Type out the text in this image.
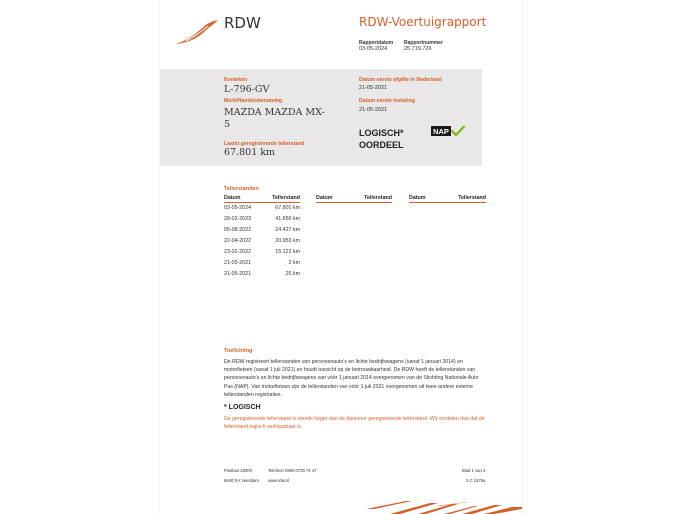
RDW	RDW-Voertuigrapport
Rapportdatum
03-05-2024
Rapportnummer
25.719.726
Kenteken
L-796-GV
Merk/Handelsbenaming
MAZDA MAZDA MX-
5
Laatst geregistreerde tellerstand
67.801 km
Datum eerste afgifte in Nederland
21-05-2021
Datum eerste toelating
21-05-2021
LOGISCH*
OORDEEL
NAP
Tellerstanden
Datum	Tellerstand	Datum	Tellerstand	Datum	Tellerstand
03-05-2024	67.801 km
28-02-2023	41.656 km
05-08-2022	24.427 km
22-04-2022	20.953 km
23-02-2022	15.122 km
21-05-2021	2 km
21-05-2021	25 km
Toelichting
De RDW registreert tellerstanden van personenauto's en lichte bedrijfswagens (vanaf 1 januari 2014) en motorfietsen (vanaf 1 juli 2021) en houdt toezicht op de betrouwbaarheid. De RDW heeft de tellerstanden van personenauto's en lichte bedrijfswagens van vóór 1 januari 2014 overgenomen van de Stichting Nationale Auto Pas (NAP). Van motorfietsen zijn de tellerstanden van vóór 1 juli 2021 overgenomen uit twee andere externe tellerstanden registraties.
* LOGISCH
De geregistreerde tellerstand is steeds hoger dan de daarvoor geregistreerde tellerstand. Wij oordelen dan dat de tellerstand logisch verklaarbaar is.
Postbus 30000
9640 RA Veendam
Telefoon 0900 0739 74 47
www.rdw.nl
Blad 1 van 3
3 C 1675a
